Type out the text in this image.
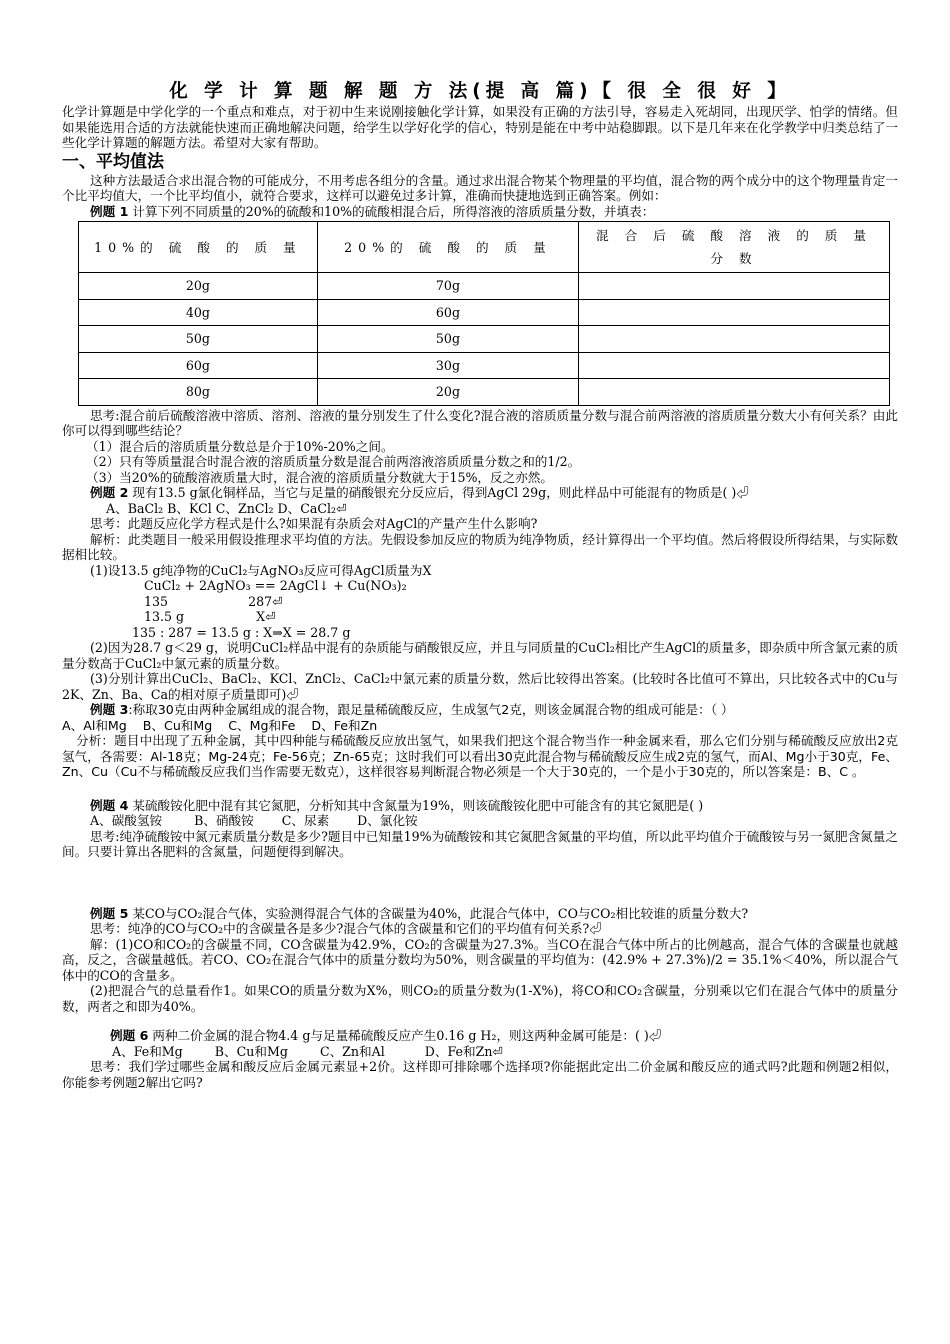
化 学 计 算 题 解 题 方 法(提 高 篇)【 很 全 很 好 】

化学计算题是中学化学的一个重点和难点，对于初中生来说刚接触化学计算，如果没有正确的方法引导，容易走入死胡同，出现厌学、怕学的情绪。但如果能选用合适的方法就能快速而正确地解决问题，给学生以学好化学的信心，特别是能在中考中站稳脚跟。以下是几年来在化学教学中归类总结了一些化学计算题的解题方法。希望对大家有帮助。

一、平均值法

这种方法最适合求出混合物的可能成分，不用考虑各组分的含量。通过求出混合物某个物理量的平均值，混合物的两个成分中的这个物理量肯定一个比平均值大，一个比平均值小，就符合要求，这样可以避免过多计算，准确而快捷地选到正确答案。例如：

例题 1 计算下列不同质量的20%的硫酸和10%的硫酸相混合后，所得溶液的溶质质量分数，并填表：

10%的 硫 酸 的 质 量	20%的 硫 酸 的 质 量	混 合 后 硫 酸 溶 液 的 质 量 分 数
20g	70g	
40g	60g	
50g	50g	
60g	30g	
80g	20g	

思考:混合前后硫酸溶液中溶质、溶剂、溶液的量分别发生了什么变化?混合液的溶质质量分数与混合前两溶液的溶质质量分数大小有何关系？由此你可以得到哪些结论？

（1）混合后的溶质质量分数总是介于10%-20%之间。

（2）只有等质量混合时混合液的溶质质量分数是混合前两溶液溶质质量分数之和的1/2。

（3）当20%的硫酸溶液质量大时，混合液的溶质质量分数就大于15%，反之亦然。

例题 2 现有13.5 g氯化铜样品，当它与足量的硝酸银充分反应后，得到AgCl 29g，则此样品中可能混有的物质是( )⏎

A、BaCl₂ B、KCl C、ZnCl₂ D、CaCl₂⏎

思考：此题反应化学方程式是什么?如果混有杂质会对AgCl的产量产生什么影响?

解析：此类题目一般采用假设推理求平均值的方法。先假设参加反应的物质为纯净物质，经计算得出一个平均值。然后将假设所得结果，与实际数据相比较。

(1)设13.5 g纯净物的CuCl₂与AgNO₃反应可得AgCl质量为X

CuCl₂ + 2AgNO₃ == 2AgCl↓ + Cu(NO₃)₂

135                    287⏎

13.5 g                  X⏎

135 : 287 = 13.5 g : X⇒X = 28.7 g

(2)因为28.7 g＜29 g，说明CuCl₂样品中混有的杂质能与硝酸银反应，并且与同质量的CuCl₂相比产生AgCl的质量多，即杂质中所含氯元素的质量分数高于CuCl₂中氯元素的质量分数。

(3)分别计算出CuCl₂、BaCl₂、KCl、ZnCl₂、CaCl₂中氯元素的质量分数，然后比较得出答案。(比较时各比值可不算出，只比较各式中的Cu与2K、Zn、Ba、Ca的相对原子质量即可)⏎

例题 3:称取30克由两种金属组成的混合物，跟足量稀硫酸反应，生成氢气2克，则该金属混合物的组成可能是：（ ）

A、Al和Mg    B、Cu和Mg    C、Mg和Fe    D、Fe和Zn

分析：题目中出现了五种金属，其中四种能与稀硫酸反应放出氢气，如果我们把这个混合物当作一种金属来看，那么它们分别与稀硫酸反应放出2克氢气，各需要：Al-18克；Mg-24克；Fe-56克；Zn-65克；这时我们可以看出30克此混合物与稀硫酸反应生成2克的氢气，而Al、Mg小于30克，Fe、Zn、Cu（Cu不与稀硫酸反应我们当作需要无数克），这样很容易判断混合物必须是一个大于30克的，一个是小于30克的，所以答案是：B、C 。

例题 4 某硫酸铵化肥中混有其它氮肥，分析知其中含氮量为19%，则该硫酸铵化肥中可能含有的其它氮肥是( )

A、碳酸氢铵        B、硝酸铵       C、尿素       D、氯化铵

思考:纯净硫酸铵中氮元素质量分数是多少?题目中已知量19%为硫酸铵和其它氮肥含氮量的平均值，所以此平均值介于硫酸铵与另一氮肥含氮量之间。只要计算出各肥料的含氮量，问题便得到解决。

例题 5 某CO与CO₂混合气体，实验测得混合气体的含碳量为40%，此混合气体中，CO与CO₂相比较谁的质量分数大?

思考：纯净的CO与CO₂中的含碳量各是多少?混合气体的含碳量和它们的平均值有何关系?⏎

解：(1)CO和CO₂的含碳量不同，CO含碳量为42.9%，CO₂的含碳量为27.3%。当CO在混合气体中所占的比例越高，混合气体的含碳量也就越高，反之，含碳量越低。若CO、CO₂在混合气体中的质量分数均为50%，则含碳量的平均值为：(42.9% + 27.3%)/2 = 35.1%＜40%，所以混合气体中的CO的含量多。

(2)把混合气的总量看作1。如果CO的质量分数为X%，则CO₂的质量分数为(1-X%)，将CO和CO₂含碳量，分别乘以它们在混合气体中的质量分数，两者之和即为40%。

例题 6 两种二价金属的混合物4.4 g与足量稀硫酸反应产生0.16 g H₂，则这两种金属可能是：( )⏎

A、Fe和Mg        B、Cu和Mg        C、Zn和Al          D、Fe和Zn⏎

思考：我们学过哪些金属和酸反应后金属元素显+2价。这样即可排除哪个选择项?你能据此定出二价金属和酸反应的通式吗?此题和例题2相似，你能参考例题2解出它吗?
